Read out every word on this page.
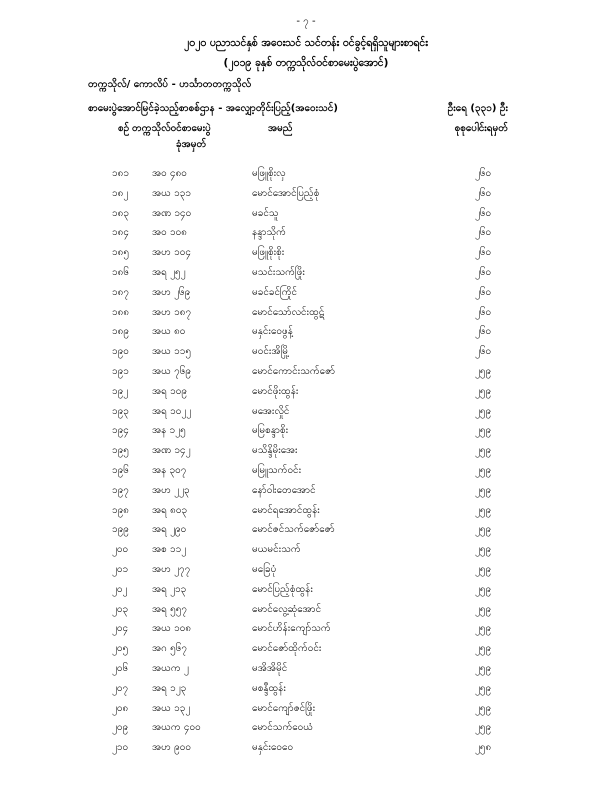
- ၇ -
၂၀၂၀ ပညာသင်နှစ် အဝေးသင် သင်တန်း ဝင်ခွင့်ရရှိသူများစာရင်း
(၂၀၁၉ ခုနှစ် တက္ကသိုလ်ဝင်စာမေးပွဲအောင်)
တက္ကသိုလ်/ ကောလိပ် - ဟင်္သာတတက္ကသိုလ်
စာမေးပွဲအောင်မြင်ခဲ့သည့်စာစစ်ဌာန - အလျှော့တိုင်းပြည့်(အဝေးသင်)	ဦးရေ (၃၃၁) ဦး
စဉ် တက္ကသိုလ်ဝင်စာမေးပွဲ
ခုံအမှတ်
အမည်	စုစုပေါင်းရမှတ်
၁၈၁ အဝ ၄၈၀	မဖြူစိုးလှ	၂၆၀
၁၈၂ အယ ၁၃၁	မောင်အောင်ပြည့်စုံ	၂၆၀
၁၈၃ အဏ ၁၄၀	မခင်သူ	၂၆၀
၁၈၄ အဝ ၁၀၈	နန္ဒာသိုက်	၂၆၀
၁၈၅ အဟ ၁၀၄	မဖြူစိုးစိုး	၂၆၀
၁၈၆ အရ ၂၅၂	မသင်းသက်ဖြိုး	၂၆၀
၁၈၇ အဟ ၂၆၉	မခင်ခင်ကြိုင်	၂၆၀
၁၈၈ အဟ ၁၈၇	မောင်သော်လင်းထွဋ်	၂၆၀
၁၈၉ အယ ၈၀	မနှင်းဝေဖွန့်	၂၆၀
၁၉၀ အယ ၁၁၅	မဝင်းအိမြို့	၂၆၀
၁၉၁ အယ ၇၆၉	မောင်ကောင်းသက်ဇော်	၂၅၉
၁၉၂ အရ ၁၀၉	မောင်ဖိုးထွန်း	၂၅၉
၁၉၃ အရ ၁၀၂၂	မအေးလှိုင်	၂၅၉
၁၉၄ အန ၁၂၅	မမြစန္ဒာစိုး	၂၅၉
၁၉၅ အဏ ၁၄၂	မသိန္ဒိမိုးအေး	၂၅၉
၁၉၆ အန ၃၀၇	မမြူသက်ဝင်း	၂၅၉
၁၉၇ အဟ ၂၂၃	နော်ဝါးတေအောင်	၂၅၉
၁၉၈ အရ ၈၀၃	မောင်ရအောင်ထွန်း	၂၅၉
၁၉၉ အရ ၂၉၀	မောင်ဇင်သက်ဇော်ဇော်	၂၅၉
၂၀၀ အစ ၁၁၂	မယမင်းသက်	၂၅၉
၂၀၁ အဟ ၂၇၇	မခြေပုံ	၂၅၉
၂၀၂ အရ ၂၁၃	မောင်ပြည့်စုံထွန်း	၂၅၉
၂၀၃ အရ ၅၅၇	မောင်လွေ့ဆုံအောင်	၂၅၉
၂၀၄ အယ ၁၀၈	မောင်ဟိန်းကျော်သက်	၂၅၉
၂၀၅ အဂ ၅၆၇	မောင်ဇော်ထိုက်ဝင်း	၂၅၉
၂၀၆ အယက ၂	မအိအိမိုင်	၂၅၉
၂၀၇ အရ ၁၂၃	မစန္ဒီထွန်း	၂၅၉
၂၀၈ အယ ၁၃၂	မောင်ကျော်ဇင်ဖြိုး	၂၅၉
၂၀၉ အယက ၄၀၀	မောင်သက်ဝေယံ	၂၅၉
၂၁၀ အဟ ၉၀၀	မနှင်းဝေဝေ	၂၅၈
